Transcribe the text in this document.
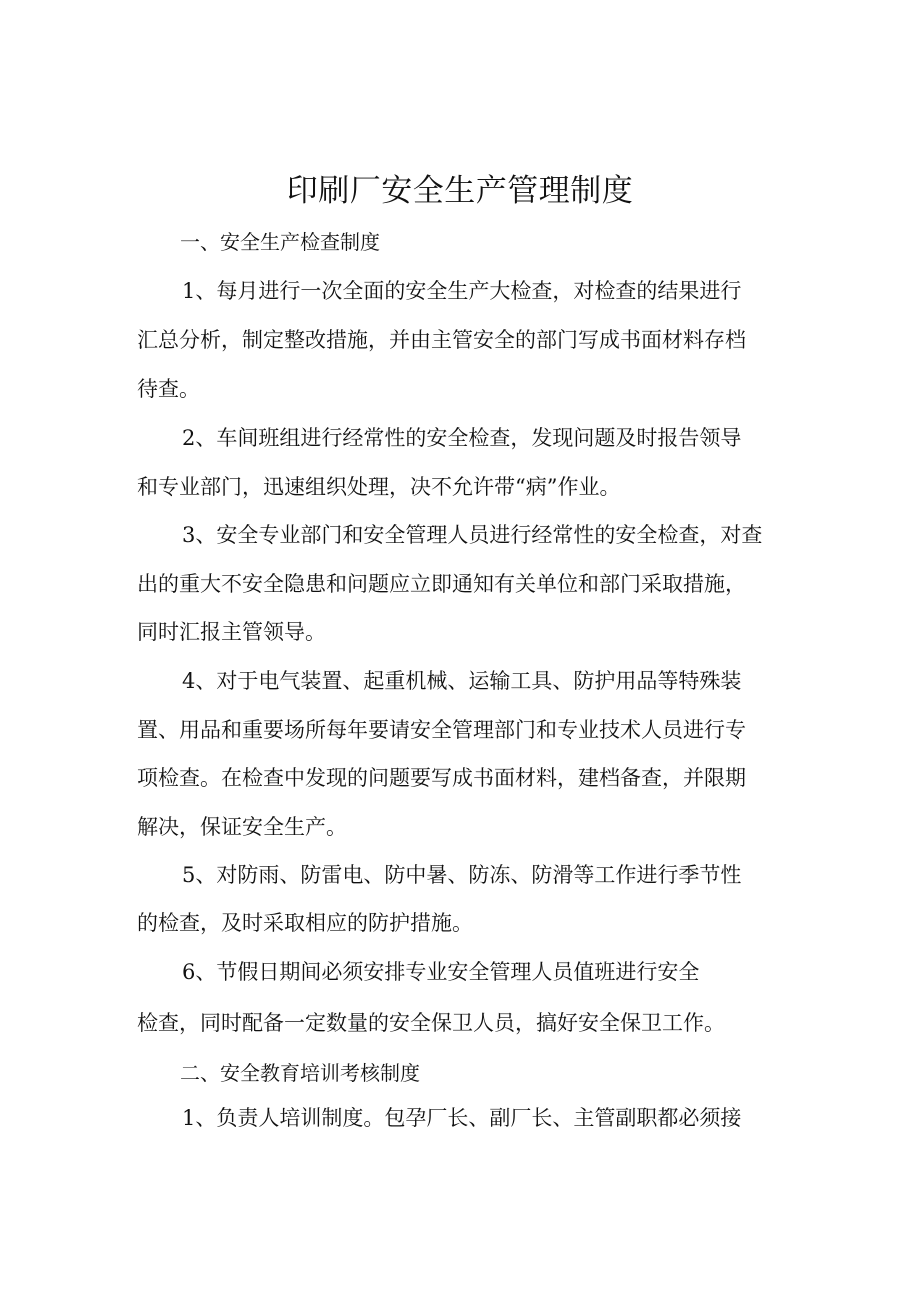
印刷厂安全生产管理制度
一、安全生产检查制度
1、每月进行一次全面的安全生产大检查，对检查的结果进行
汇总分析，制定整改措施，并由主管安全的部门写成书面材料存档
待查。
2、车间班组进行经常性的安全检查，发现问题及时报告领导
和专业部门，迅速组织处理，决不允许带“病”作业。
3、安全专业部门和安全管理人员进行经常性的安全检查，对查
出的重大不安全隐患和问题应立即通知有关单位和部门采取措施，
同时汇报主管领导。
4、对于电气装置、起重机械、运输工具、防护用品等特殊装
置、用品和重要场所每年要请安全管理部门和专业技术人员进行专
项检查。在检查中发现的问题要写成书面材料，建档备查，并限期
解决，保证安全生产。
5、对防雨、防雷电、防中暑、防冻、防滑等工作进行季节性
的检查，及时采取相应的防护措施。
6、节假日期间必须安排专业安全管理人员值班进行安全
检查，同时配备一定数量的安全保卫人员，搞好安全保卫工作。
二、安全教育培训考核制度
1、负责人培训制度。包孕厂长、副厂长、主管副职都必须接
